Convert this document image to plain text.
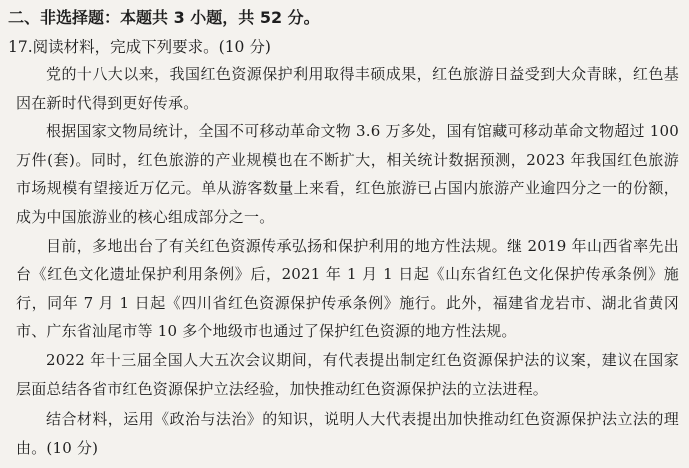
二、非选择题：本题共 3 小题，共 52 分。
17.阅读材料，完成下列要求。(10 分)

党的十八大以来，我国红色资源保护利用取得丰硕成果，红色旅游日益受到大众青睐，红色基因在新时代得到更好传承。

根据国家文物局统计，全国不可移动革命文物 3.6 万多处，国有馆藏可移动革命文物超过 100 万件(套)。同时，红色旅游的产业规模也在不断扩大，相关统计数据预测，2023 年我国红色旅游市场规模有望接近万亿元。单从游客数量上来看，红色旅游已占国内旅游产业逾四分之一的份额，成为中国旅游业的核心组成部分之一。

目前，多地出台了有关红色资源传承弘扬和保护利用的地方性法规。继 2019 年山西省率先出台《红色文化遗址保护利用条例》后，2021 年 1 月 1 日起《山东省红色文化保护传承条例》施行，同年 7 月 1 日起《四川省红色资源保护传承条例》施行。此外，福建省龙岩市、湖北省黄冈市、广东省汕尾市等 10 多个地级市也通过了保护红色资源的地方性法规。

2022 年十三届全国人大五次会议期间，有代表提出制定红色资源保护法的议案，建议在国家层面总结各省市红色资源保护立法经验，加快推动红色资源保护法的立法进程。

结合材料，运用《政治与法治》的知识，说明人大代表提出加快推动红色资源保护法立法的理由。(10 分)
